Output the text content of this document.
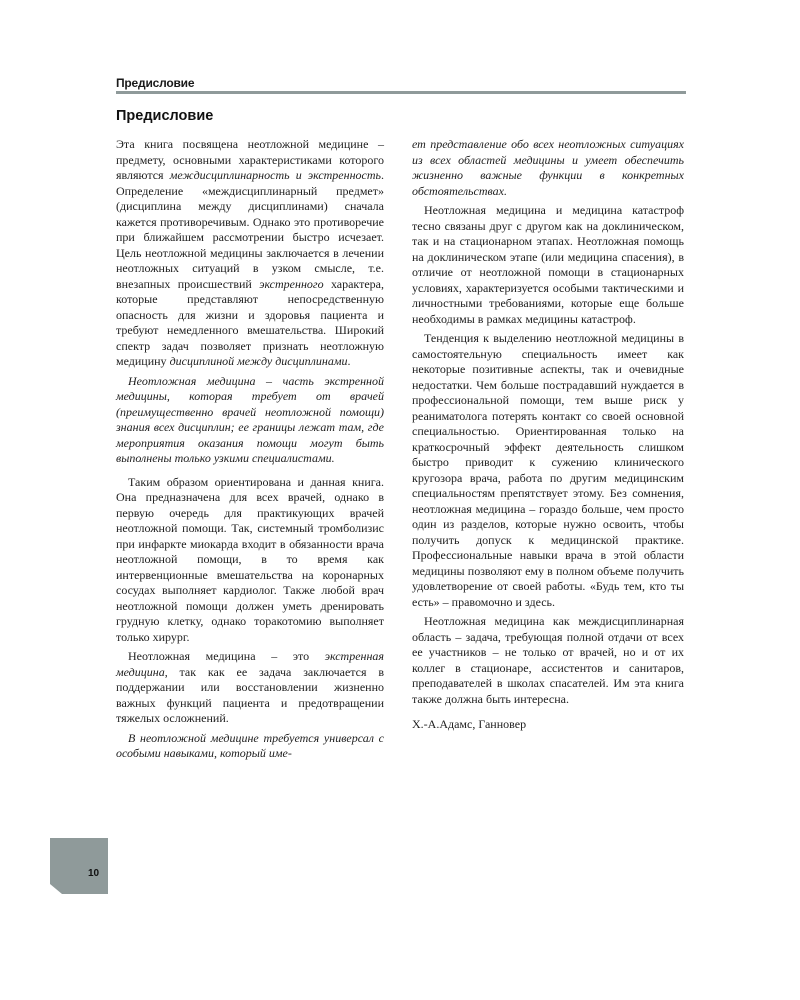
Предисловие
Предисловие

Эта книга посвящена неотложной медицине – предмету, основными характеристиками которого являются междисциплинарность и экстренность. Определение «междисциплинарный предмет» (дисциплина между дисциплинами) сначала кажется противоречивым. Однако это противоречие при ближайшем рассмотрении быстро исчезает. Цель неотложной медицины заключается в лечении неотложных ситуаций в узком смысле, т.е. внезапных происшествий экстренного характера, которые представляют непосредственную опасность для жизни и здоровья пациента и требуют немедленного вмешательства. Широкий спектр задач позволяет признать неотложную медицину дисциплиной между дисциплинами.

Неотложная медицина – часть экстренной медицины, которая требует от врачей (преимущественно врачей неотложной помощи) знания всех дисциплин; ее границы лежат там, где мероприятия оказания помощи могут быть выполнены только узкими специалистами.

Таким образом ориентирована и данная книга. Она предназначена для всех врачей, однако в первую очередь для практикующих врачей неотложной помощи. Так, системный тромболизис при инфаркте миокарда входит в обязанности врача неотложной помощи, в то время как интервенционные вмешательства на коронарных сосудах выполняет кардиолог. Также любой врач неотложной помощи должен уметь дренировать грудную клетку, однако торакотомию выполняет только хирург.

Неотложная медицина – это экстренная медицина, так как ее задача заключается в поддержании или восстановлении жизненно важных функций пациента и предотвращении тяжелых осложнений.

В неотложной медицине требуется универсал с особыми навыками, который име-

ет представление обо всех неотложных ситуациях из всех областей медицины и умеет обеспечить жизненно важные функции в конкретных обстоятельствах.

Неотложная медицина и медицина катастроф тесно связаны друг с другом как на доклиническом, так и на стационарном этапах. Неотложная помощь на доклиническом этапе (или медицина спасения), в отличие от неотложной помощи в стационарных условиях, характеризуется особыми тактическими и личностными требованиями, которые еще больше необходимы в рамках медицины катастроф.

Тенденция к выделению неотложной медицины в самостоятельную специальность имеет как некоторые позитивные аспекты, так и очевидные недостатки. Чем больше пострадавший нуждается в профессиональной помощи, тем выше риск у реаниматолога потерять контакт со своей основной специальностью. Ориентированная только на краткосрочный эффект деятельность слишком быстро приводит к сужению клинического кругозора врача, работа по другим медицинским специальностям препятствует этому. Без сомнения, неотложная медицина – гораздо больше, чем просто один из разделов, которые нужно освоить, чтобы получить допуск к медицинской практике. Профессиональные навыки врача в этой области медицины позволяют ему в полном объеме получить удовлетворение от своей работы. «Будь тем, кто ты есть» – правомочно и здесь.

Неотложная медицина как междисциплинарная область – задача, требующая полной отдачи от всех ее участников – не только от врачей, но и от их коллег в стационаре, ассистентов и санитаров, преподавателей в школах спасателей. Им эта книга также должна быть интересна.

Х.-А.Адамс, Ганновер

10
